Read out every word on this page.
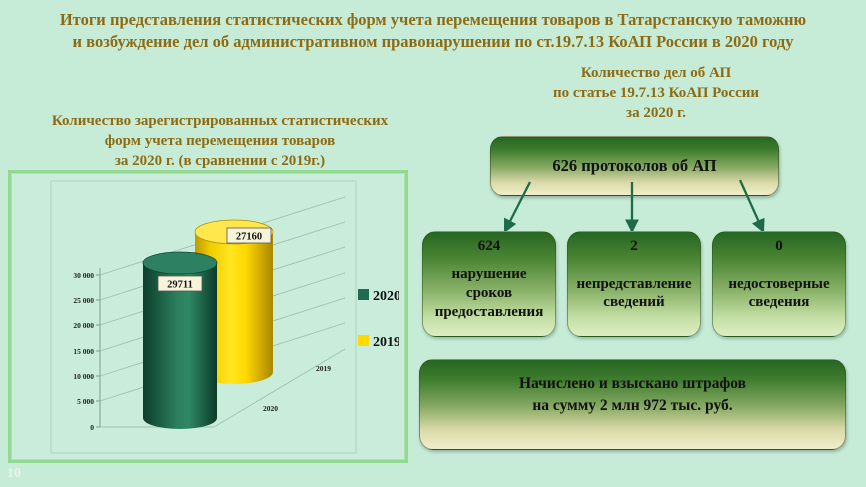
Итоги представления статистических форм учета перемещения товаров в Татарстанскую таможню
и возбуждение дел об административном правонарушении по ст.19.7.13 КоАП России в 2020 году
Количество зарегистрированных статистических
форм учета перемещения товаров
за 2020 г. (в сравнении с 2019г.)
Количество дел об АП
по статье 19.7.13 КоАП России
за 2020 г.
0
5 000
10 000
15 000
20 000
25 000
30 000
2020
2019
29711
27160
2020
2019
626 протоколов об АП
624
нарушение сроков предоставления
2
непредставление сведений
0
недостоверные сведения
Начислено и взыскано штрафов
на сумму 2 млн 972 тыс. руб.
10
